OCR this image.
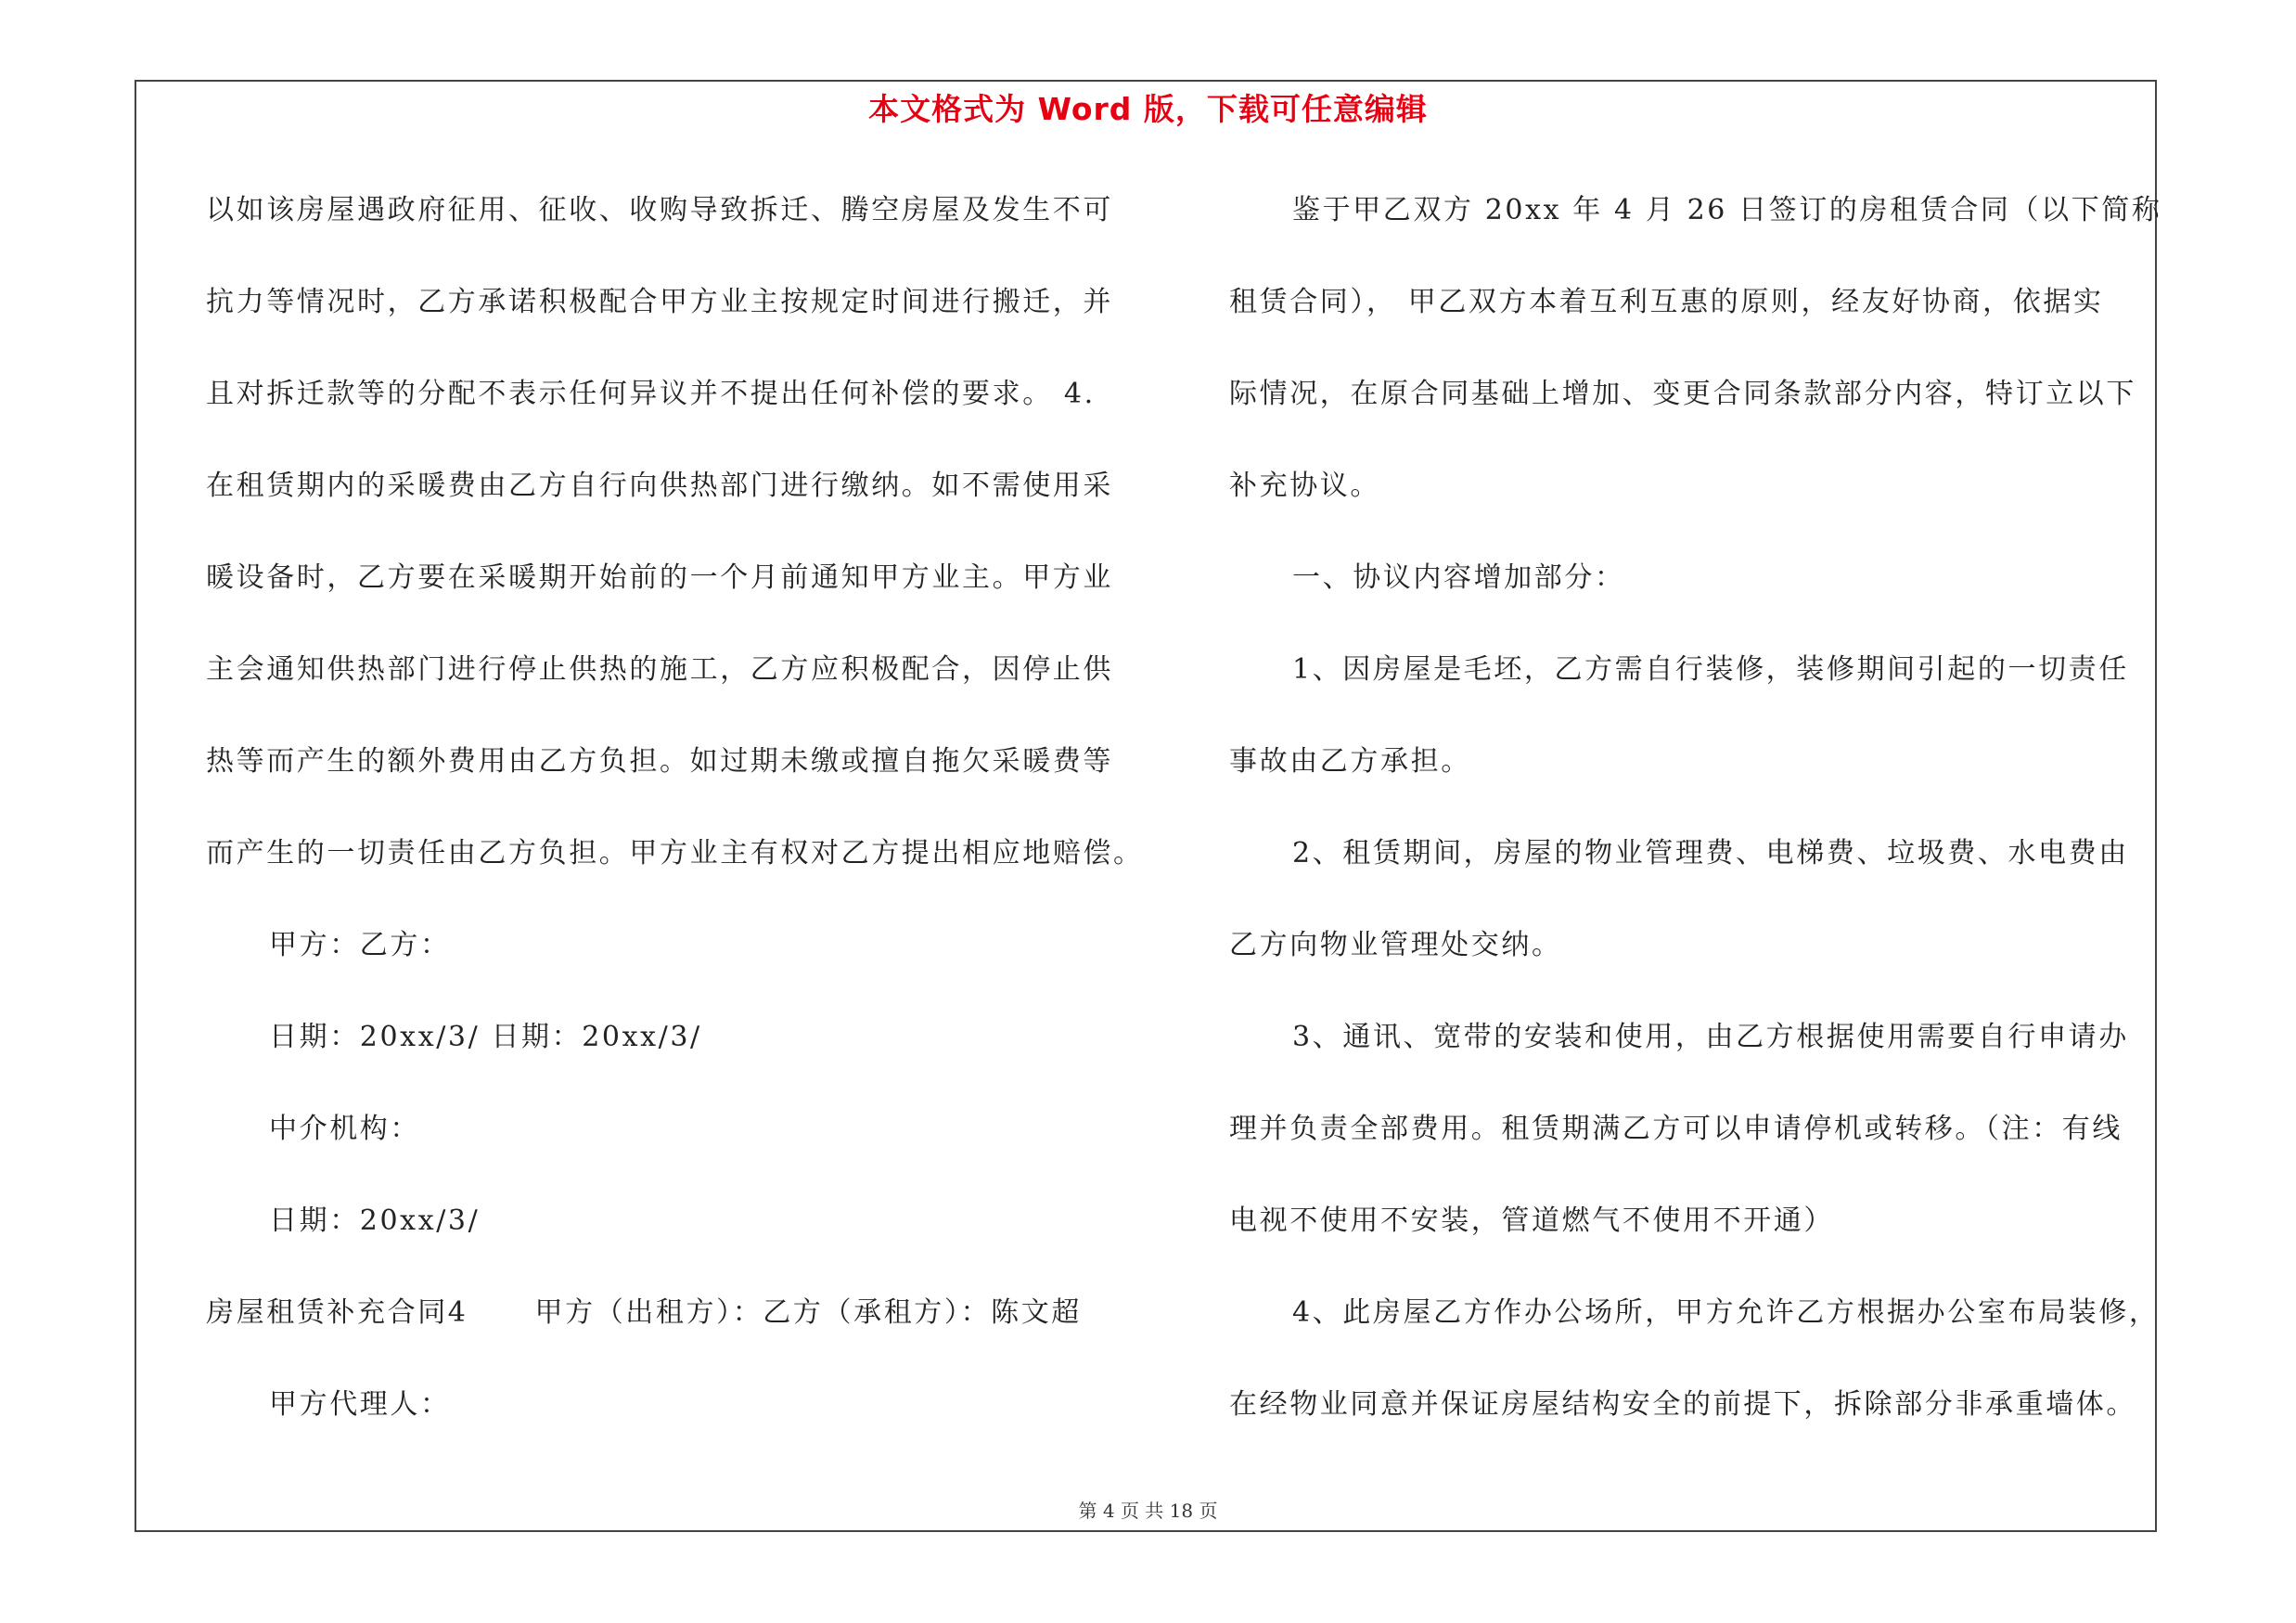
本文格式为 Word 版，下载可任意编辑
以如该房屋遇政府征用、征收、收购导致拆迁、腾空房屋及发生不可
抗力等情况时，乙方承诺积极配合甲方业主按规定时间进行搬迁，并
且对拆迁款等的分配不表示任何异议并不提出任何补偿的要求。 4.
在租赁期内的采暖费由乙方自行向供热部门进行缴纳。如不需使用采
暖设备时，乙方要在采暖期开始前的一个月前通知甲方业主。甲方业
主会通知供热部门进行停止供热的施工，乙方应积极配合，因停止供
热等而产生的额外费用由乙方负担。如过期未缴或擅自拖欠采暖费等
而产生的一切责任由乙方负担。甲方业主有权对乙方提出相应地赔偿。
甲方：乙方：
日期：20xx/3/ 日期：20xx/3/
中介机构：
日期：20xx/3/
房屋租赁补充合同4 甲方（出租方）：乙方（承租方）：陈文超
甲方代理人：
鉴于甲乙双方 20xx 年 4 月 26 日签订的房租赁合同（以下简称
租赁合同）， 甲乙双方本着互利互惠的原则，经友好协商，依据实
际情况，在原合同基础上增加、变更合同条款部分内容，特订立以下
补充协议。
一、协议内容增加部分：
1、因房屋是毛坯，乙方需自行装修，装修期间引起的一切责任
事故由乙方承担。
2、租赁期间，房屋的物业管理费、电梯费、垃圾费、水电费由
乙方向物业管理处交纳。
3、通讯、宽带的安装和使用，由乙方根据使用需要自行申请办
理并负责全部费用。租赁期满乙方可以申请停机或转移。（注：有线
电视不使用不安装，管道燃气不使用不开通）
4、此房屋乙方作办公场所，甲方允许乙方根据办公室布局装修，
在经物业同意并保证房屋结构安全的前提下，拆除部分非承重墙体。
第 4 页 共 18 页
